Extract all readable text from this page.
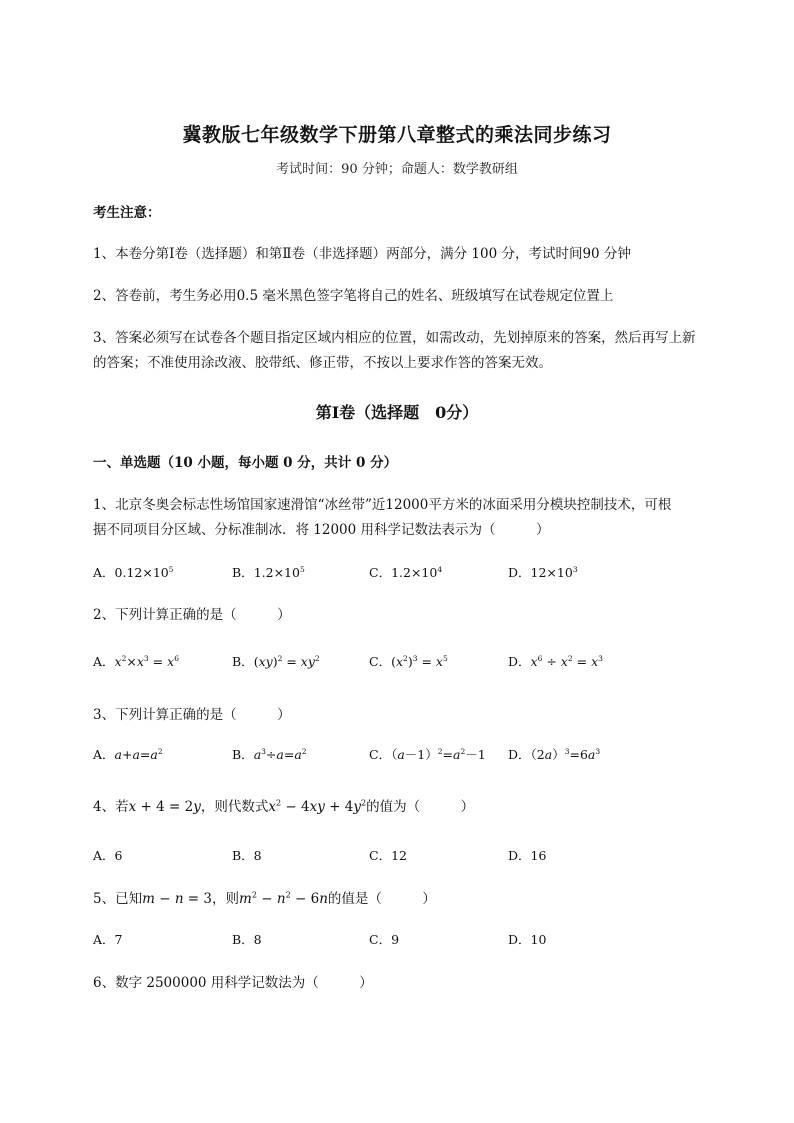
冀教版七年级数学下册第八章整式的乘法同步练习
考试时间：90 分钟；命题人：数学教研组
考生注意：
1、本卷分第Ⅰ卷（选择题）和第Ⅱ卷（非选择题）两部分，满分 100 分，考试时间90 分钟
2、答卷前，考生务必用0.5 毫米黑色签字笔将自己的姓名、班级填写在试卷规定位置上
3、答案必须写在试卷各个题目指定区域内相应的位置，如需改动，先划掉原来的答案，然后再写上新
的答案；不准使用涂改液、胶带纸、修正带，不按以上要求作答的答案无效。
第Ⅰ卷（选择题　0分）
一、单选题（10 小题，每小题 0 分，共计 0 分）
1、北京冬奥会标志性场馆国家速滑馆“冰丝带”近12000平方米的冰面采用分模块控制技术，可根
据不同项目分区域、分标准制冰．将 12000 用科学记数法表示为（　　　）
A．$0.12\times 10^5$	B．$1.2\times 10^5$	C．$1.2\times 10^4$	D．$12\times 10^3$
2、下列计算正确的是（　　　）
A．$x^2\times x^3 = x^6$	B．$(xy)^2 = xy^2$	C．$(x^2)^3 = x^5$	D．$x^6 \div x^2 = x^3$
3、下列计算正确的是（　　　）
A．$a+a=a^2$	B．$a^3\div a=a^2$	C．$(a-1)^2=a^2-1$ D．$(2a)^3=6a^3$
4、若x + 4 = 2y，则代数式$x^2 - 4xy + 4y^2$的值为（　　　）
A．6	B．8	C．12	D．16
5、已知m − n = 3，则$m^2 - n^2 - 6n$的值是（　　　）
A．7	B．8	C．9	D．10
6、数字 2500000 用科学记数法为（　　　）
